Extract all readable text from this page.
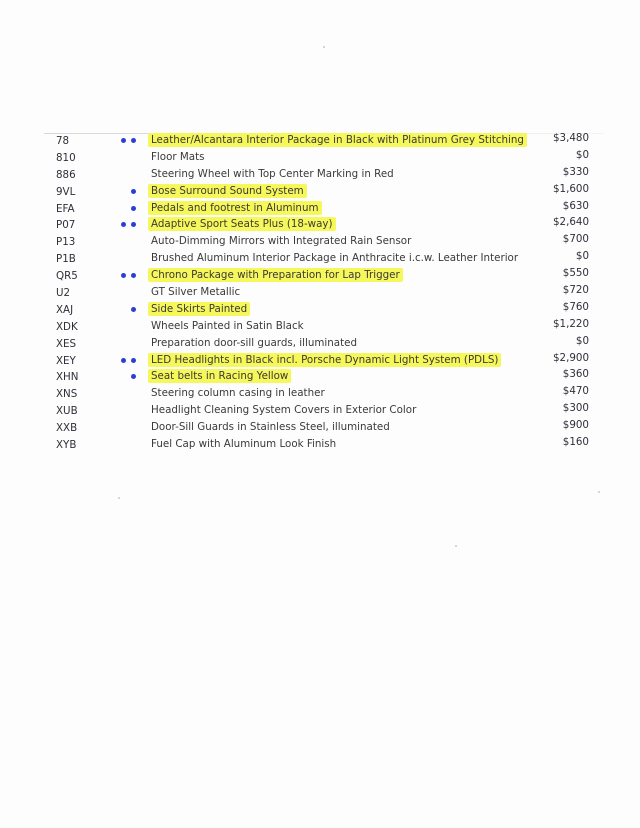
78	Leather/Alcantara Interior Package in Black with Platinum Grey Stitching	$3,480
810	Floor Mats	$0
886	Steering Wheel with Top Center Marking in Red	$330
9VL	Bose Surround Sound System	$1,600
EFA	Pedals and footrest in Aluminum	$630
P07	Adaptive Sport Seats Plus (18-way)	$2,640
P13	Auto-Dimming Mirrors with Integrated Rain Sensor	$700
P1B	Brushed Aluminum Interior Package in Anthracite i.c.w. Leather Interior	$0
QR5	Chrono Package with Preparation for Lap Trigger	$550
U2	GT Silver Metallic	$720
XAJ	Side Skirts Painted	$760
XDK	Wheels Painted in Satin Black	$1,220
XES	Preparation door-sill guards, illuminated	$0
XEY	LED Headlights in Black incl. Porsche Dynamic Light System (PDLS)	$2,900
XHN	Seat belts in Racing Yellow	$360
XNS	Steering column casing in leather	$470
XUB	Headlight Cleaning System Covers in Exterior Color	$300
XXB	Door-Sill Guards in Stainless Steel, illuminated	$900
XYB	Fuel Cap with Aluminum Look Finish	$160
